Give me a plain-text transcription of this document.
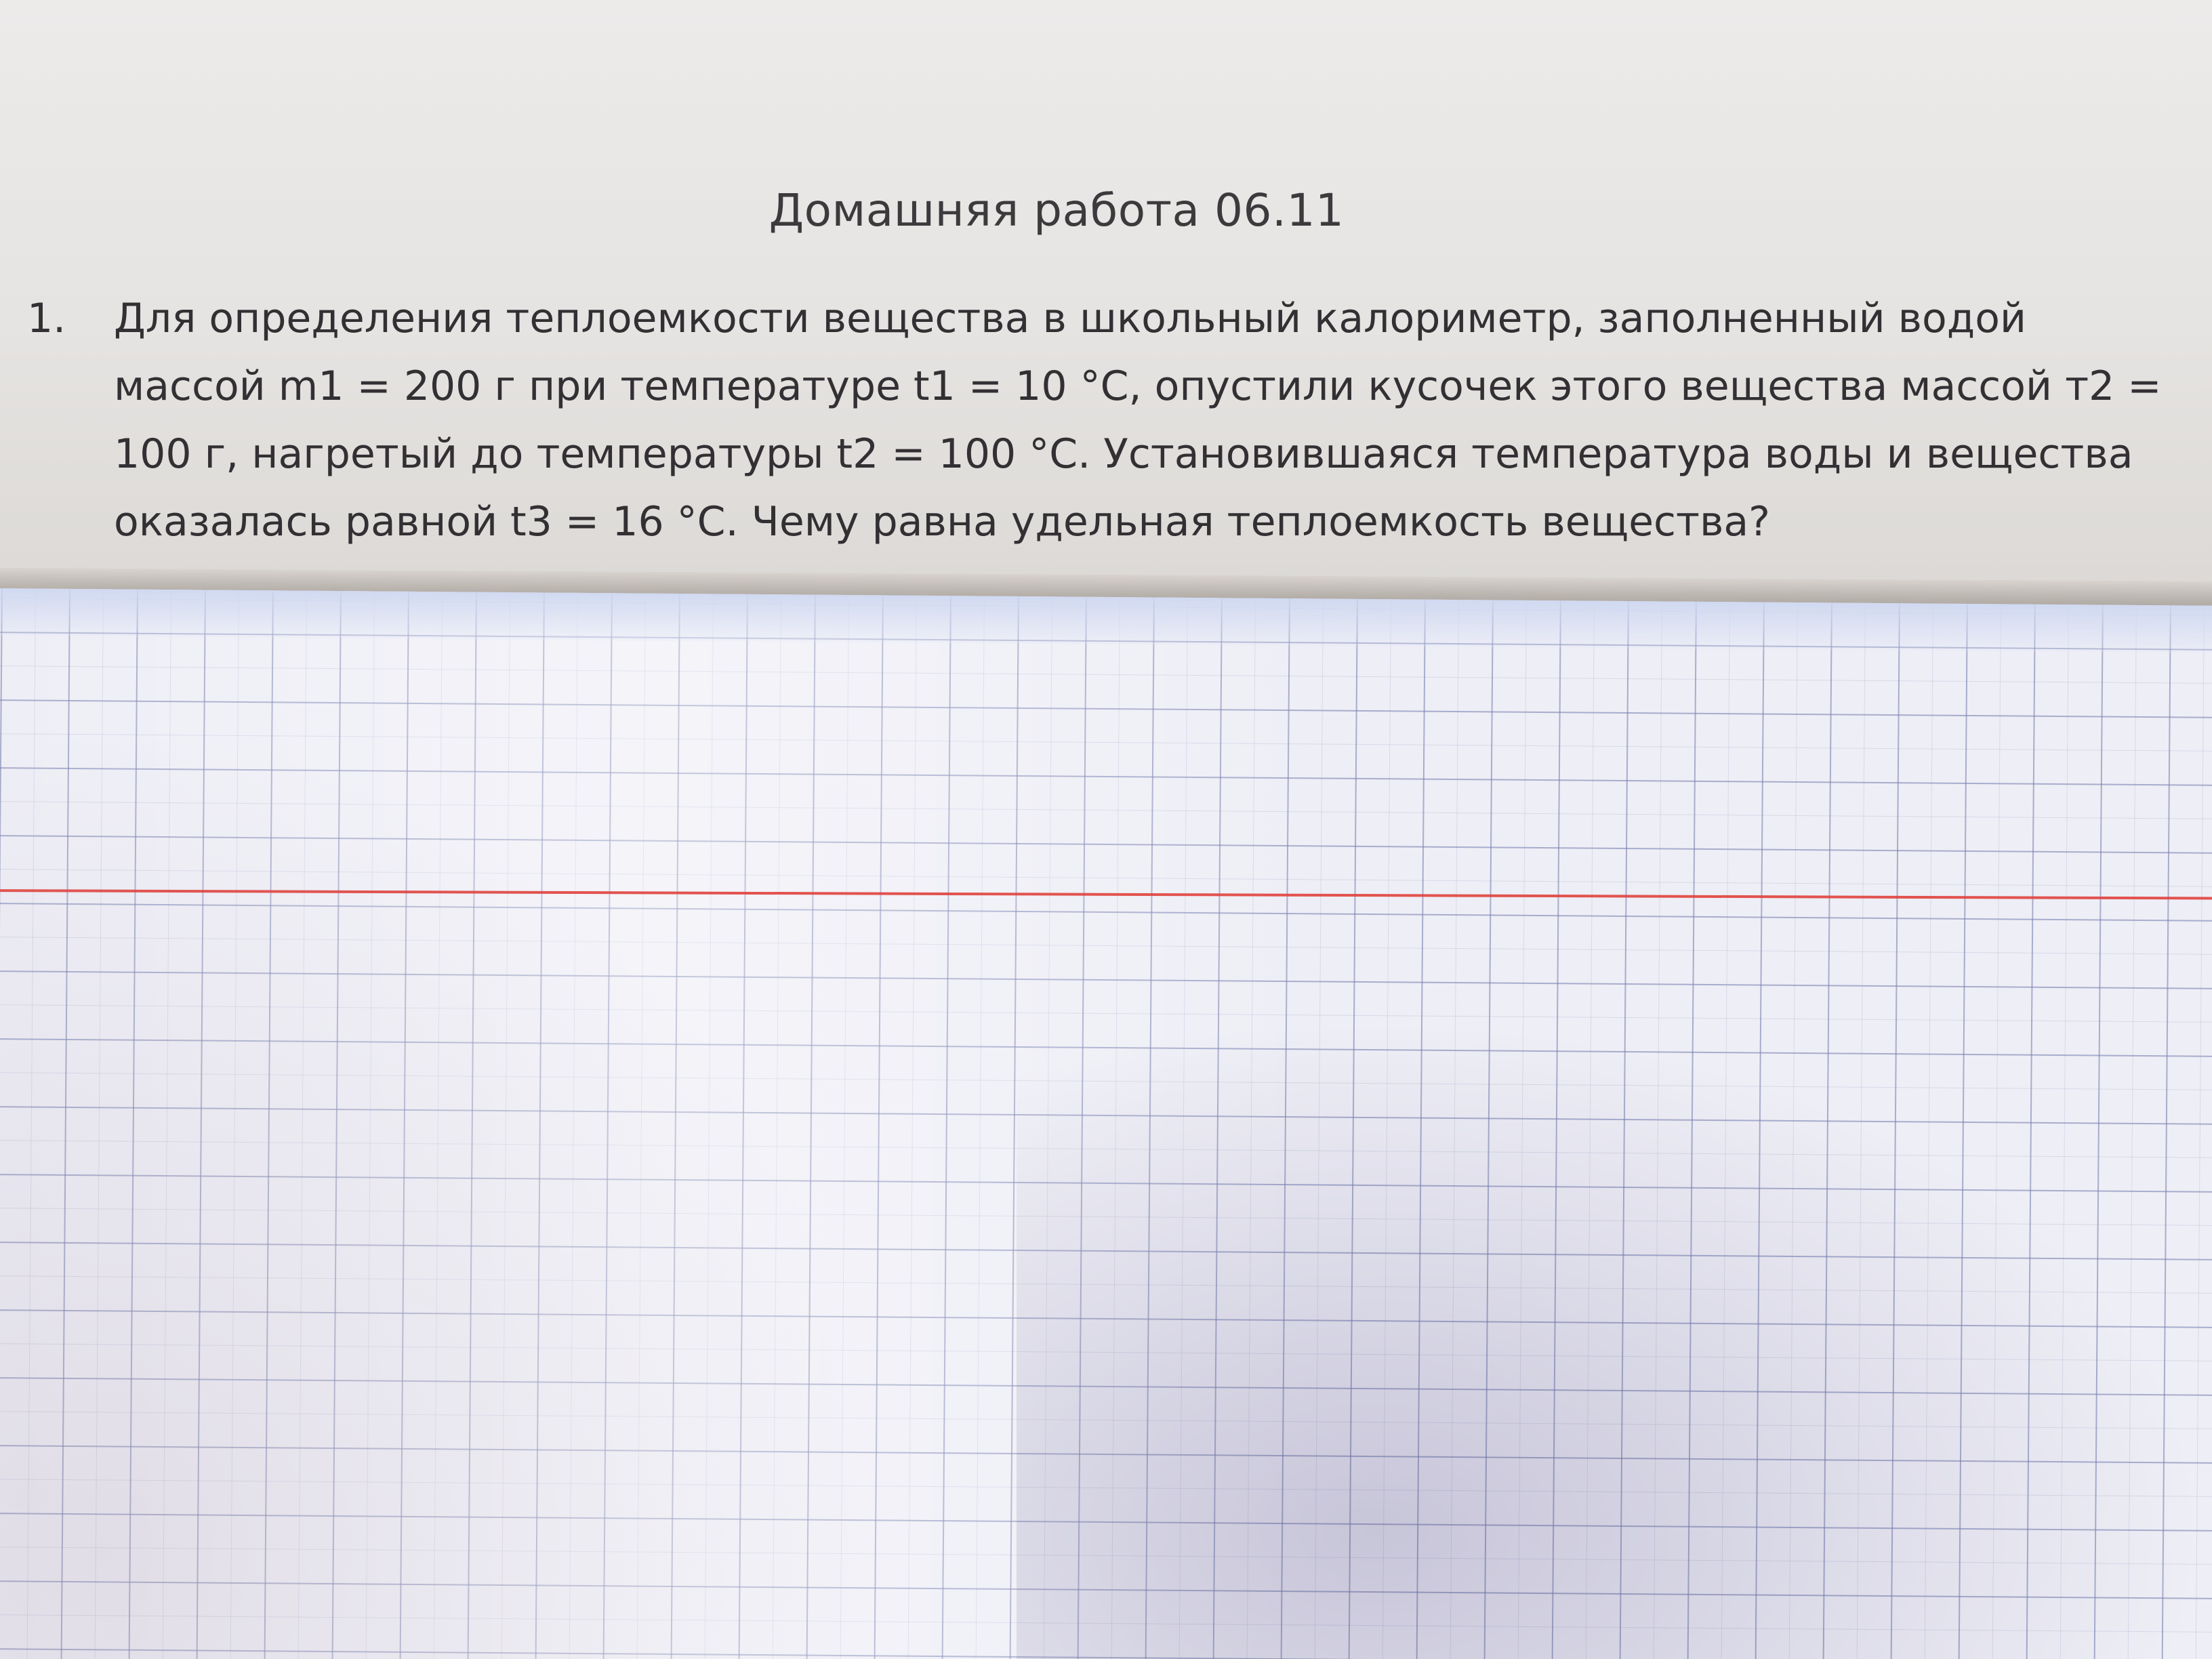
Домашняя работа 06.11
1. Для определения теплоемкости вещества в школьный калориметр, заполненный водой
массой m1 = 200 г при температуре t1 = 10 °С, опустили кусочек этого вещества массой т2 =
100 г, нагретый до температуры t2 = 100 °С. Установившаяся температура воды и вещества
оказалась равной t3 = 16 °С. Чему равна удельная теплоемкость вещества?
